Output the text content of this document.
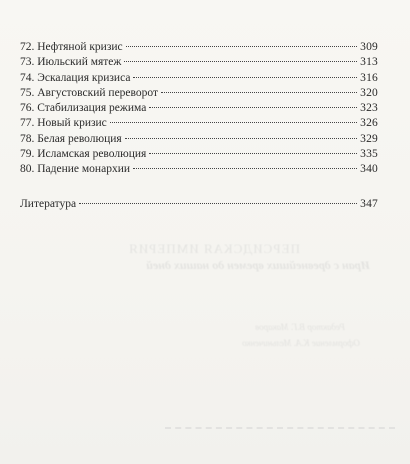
ПЕРСИДСКАЯ ИМПЕРИЯ
Иран с древнейших времен до наших дней
Редактор В.Г. Макаров
Оформление К.А. Мельниченко
72. Нефтяной кризис	309
73. Июльский мятеж	313
74. Эскалация кризиса	316
75. Августовский переворот	320
76. Стабилизация режима	323
77. Новый кризис	326
78. Белая революция	329
79. Исламская революция	335
80. Падение монархии	340
Литература	347
